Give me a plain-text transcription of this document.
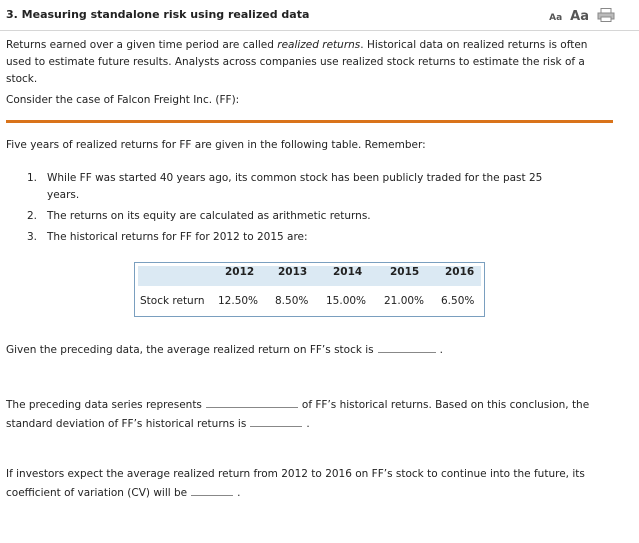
3. Measuring standalone risk using realized data	Aa Aa
Returns earned over a given time period are called realized returns. Historical data on realized returns is often used to estimate future results. Analysts across companies use realized stock returns to estimate the risk of a stock.
Consider the case of Falcon Freight Inc. (FF):
Five years of realized returns for FF are given in the following table. Remember:
1. While FF was started 40 years ago, its common stock has been publicly traded for the past 25 years.
2. The returns on its equity are calculated as arithmetic returns.
3. The historical returns for FF for 2012 to 2015 are:
2012 2013 2014	2015 2016
Stock return 12.50% 8.50% 15.00% 21.00% 6.50%
Given the preceding data, the average realized return on FF’s stock is	.
The preceding data series represents	of FF’s historical returns. Based on this conclusion, the standard deviation of FF’s historical returns is	.
If investors expect the average realized return from 2012 to 2016 on FF’s stock to continue into the future, its coefficient of variation (CV) will be	.
